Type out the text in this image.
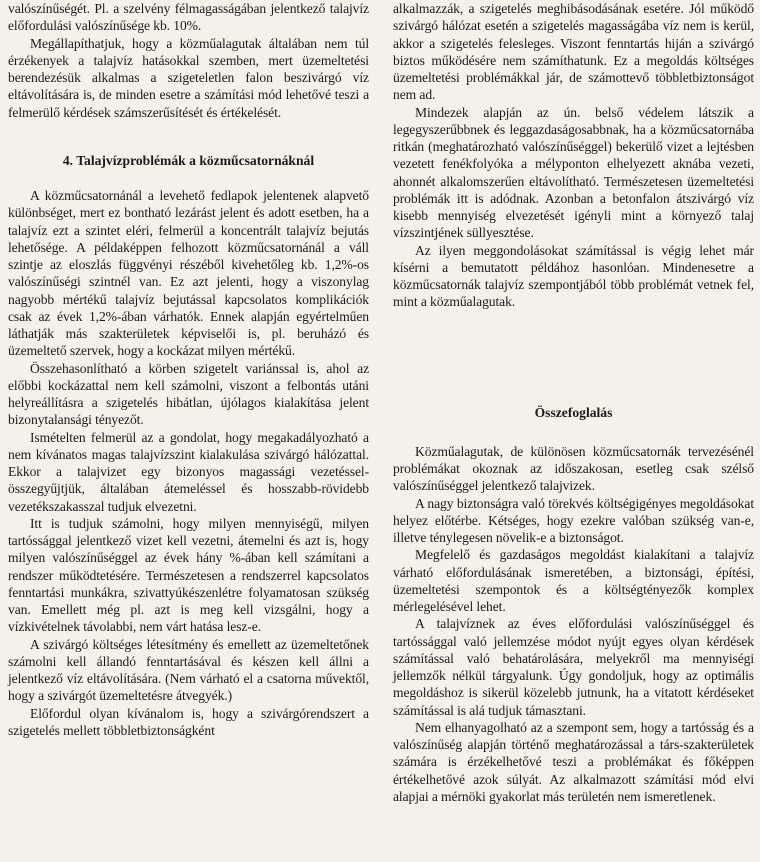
valószínűségét. Pl. a szelvény félmagasságában jelentkező talajvíz előfordulási valószínűsége kb. 10%.

Megállapíthatjuk, hogy a közműalagutak általában nem túl érzékenyek a talajvíz hatásokkal szemben, mert üzemeltetési berendezésük alkalmas a szigeteletlen falon beszivárgó víz eltávolítására is, de minden esetre a számítási mód lehetővé teszi a felmerülő kérdések számszerűsítését és értékelését.

4. Talajvízproblémák a közműcsatornáknál

A közműcsatornánál a levehető fedlapok jelentenek alapvető különbséget, mert ez bontható lezárást jelent és adott esetben, ha a talajvíz ezt a szintet eléri, felmerül a koncentrált talajvíz bejutás lehetősége. A példaképpen felhozott közműcsatornánál a váll szintje az eloszlás függvényi részéből kivehetőleg kb. 1,2%-os valószínűségi szintnél van. Ez azt jelenti, hogy a viszonylag nagyobb mértékű talajvíz bejutással kapcsolatos komplikációk csak az évek 1,2%-ában várhatók. Ennek alapján egyértelműen láthatják más szakterületek képviselői is, pl. beruházó és üzemeltető szervek, hogy a kockázat milyen mértékű.

Összehasonlítható a körben szigetelt variánssal is, ahol az előbbi kockázattal nem kell számolni, viszont a felbontás utáni helyreállításra a szigetelés hibátlan, újólagos kialakítása jelent bizonytalansági tényezőt.

Ismételten felmerül az a gondolat, hogy megakadályozható a nem kívánatos magas talajvízszint kialakulása szivárgó hálózattal. Ekkor a talajvizet egy bizonyos magassági vezetéssel-összegyűjtjük, általában átemeléssel és hosszabb-rövidebb vezetékszakasszal tudjuk elvezetni.

Itt is tudjuk számolni, hogy milyen mennyiségű, milyen tartóssággal jelentkező vizet kell vezetni, átemelni és azt is, hogy milyen valószínűséggel az évek hány %-ában kell számítani a rendszer működtetésére. Természetesen a rendszerrel kapcsolatos fenntartási munkákra, szivattyúkészenlétre folyamatosan szükség van. Emellett még pl. azt is meg kell vizsgálni, hogy a vízkivételnek távolabbi, nem várt hatása lesz-e.

A szivárgó költséges létesítmény és emellett az üzemeltetőnek számolni kell állandó fenntartásával és készen kell állni a jelentkező víz eltávolítására. (Nem várható el a csatorna művektől, hogy a szivárgót üzemeltetésre átvegyék.)

Előfordul olyan kívánalom is, hogy a szivárgórendszert a szigetelés mellett többletbiztonságként

alkalmazzák, a szigetelés meghibásodásának esetére. Jól működő szivárgó hálózat esetén a szigetelés magasságába víz nem is kerül, akkor a szigetelés felesleges. Viszont fenntartás hiján a szivárgó biztos működésére nem számíthatunk. Ez a megoldás költséges üzemeltetési problémákkal jár, de számottevő többletbiztonságot nem ad.

Mindezek alapján az ún. belső védelem látszik a legegyszerűbbnek és leggazdaságosabbnak, ha a közműcsatornába ritkán (meghatározható valószínűséggel) bekerülő vizet a lejtésben vezetett fenékfolyóka a mélyponton elhelyezett aknába vezeti, ahonnét alkalomszerűen eltávolítható. Természetesen üzemeltetési problémák itt is adódnak. Azonban a betonfalon átszivárgó víz kisebb mennyiség elvezetését igényli mint a környező talaj vízszintjének süllyesztése.

Az ilyen meggondolásokat számítással is végig lehet már kísérni a bemutatott példához hasonlóan. Mindenesetre a közműcsatornák talajvíz szempontjából több problémát vetnek fel, mint a közműalagutak.

Összefoglalás

Közműalagutak, de különösen közműcsatornák tervezésénél problémákat okoznak az időszakosan, esetleg csak szélső valószínűséggel jelentkező talajvizek.

A nagy biztonságra való törekvés költségigényes megoldásokat helyez előtérbe. Kétséges, hogy ezekre valóban szükség van-e, illetve ténylegesen növelik-e a biztonságot.

Megfelelő és gazdaságos megoldást kialakítani a talajvíz várható előfordulásának ismeretében, a biztonsági, építési, üzemeltetési szempontok és a költségtényezők komplex mérlegelésével lehet.

A talajvíznek az éves előfordulási valószínűséggel és tartóssággal való jellemzése módot nyújt egyes olyan kérdések számítással való behatárolására, melyekről ma mennyiségi jellemzők nélkül tárgyalunk. Úgy gondoljuk, hogy az optimális megoldáshoz is sikerül közelebb jutnunk, ha a vitatott kérdéseket számítással is alá tudjuk támasztani.

Nem elhanyagolható az a szempont sem, hogy a tartósság és a valószínűség alapján történő meghatározással a társ-szakterületek számára is érzékelhetővé teszi a problémákat és főképpen értékelhetővé azok súlyát. Az alkalmazott számítási mód elvi alapjai a mérnöki gyakorlat más területén nem ismeretlenek.
